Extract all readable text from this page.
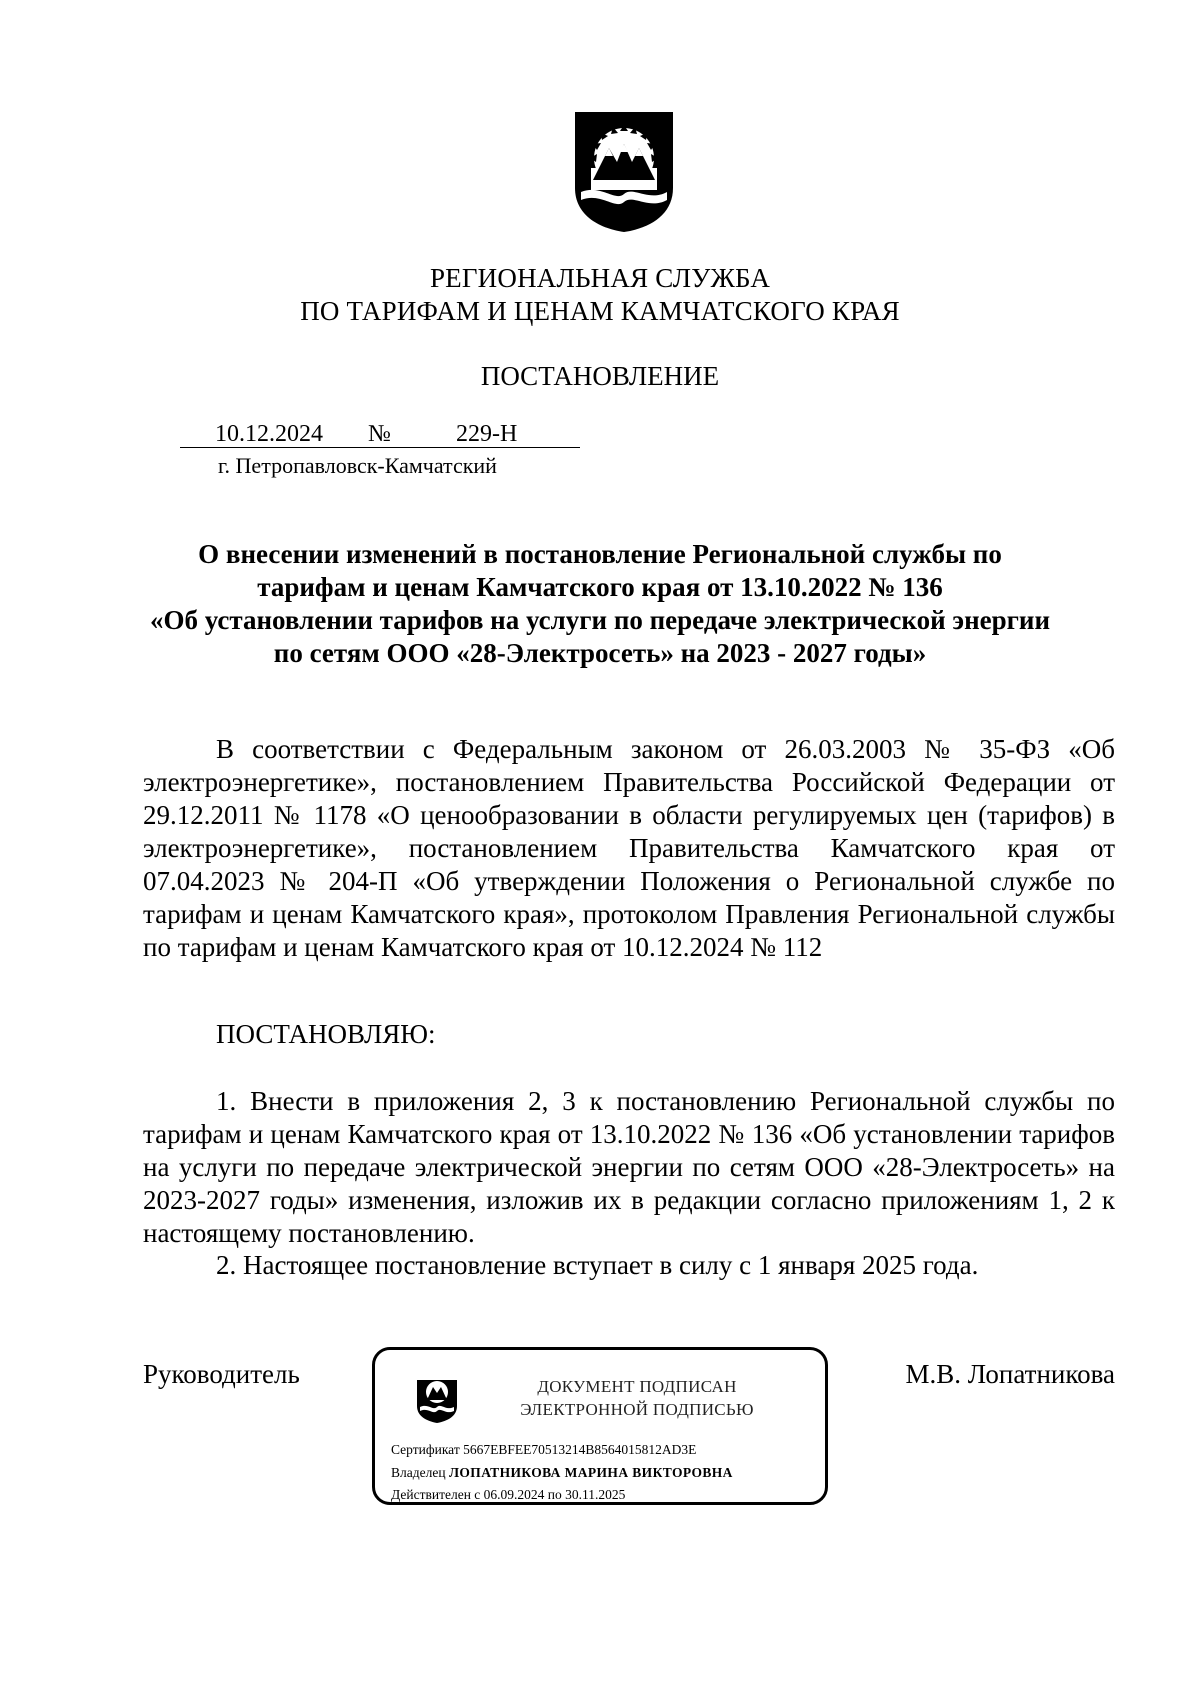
РЕГИОНАЛЬНАЯ СЛУЖБА
ПО ТАРИФАМ И ЦЕНАМ КАМЧАТСКОГО КРАЯ
ПОСТАНОВЛЕНИЕ
10.12.2024 №	229-Н
г. Петропавловск-Камчатский
О внесении изменений в постановление Региональной службы по
тарифам и ценам Камчатского края от 13.10.2022 № 136
«Об установлении тарифов на услуги по передаче электрической энергии
по сетям ООО «28-Электросеть» на 2023 - 2027 годы»
В соответствии с Федеральным законом от 26.03.2003 № 35-ФЗ «Об электроэнергетике», постановлением Правительства Российской Федерации от 29.12.2011 № 1178 «О ценообразовании в области регулируемых цен (тарифов) в электроэнергетике», постановлением Правительства Камчатского края от 07.04.2023 № 204-П «Об утверждении Положения о Региональной службе по тарифам и ценам Камчатского края», протоколом Правления Региональной службы по тарифам и ценам Камчатского края от 10.12.2024 № 112
ПОСТАНОВЛЯЮ:
1. Внести в приложения 2, 3 к постановлению Региональной службы по тарифам и ценам Камчатского края от 13.10.2022 № 136 «Об установлении тарифов на услуги по передаче электрической энергии по сетям ООО «28-Электросеть» на 2023-2027 годы» изменения, изложив их в редакции согласно приложениям 1, 2 к настоящему постановлению.
2. Настоящее постановление вступает в силу с 1 января 2025 года.
Руководитель	М.В. Лопатникова
ДОКУМЕНТ ПОДПИСАН
ЭЛЕКТРОННОЙ ПОДПИСЬЮ
Сертификат 5667EBFEE70513214B8564015812AD3E
Владелец ЛОПАТНИКОВА МАРИНА ВИКТОРОВНА
Действителен с 06.09.2024 по 30.11.2025
